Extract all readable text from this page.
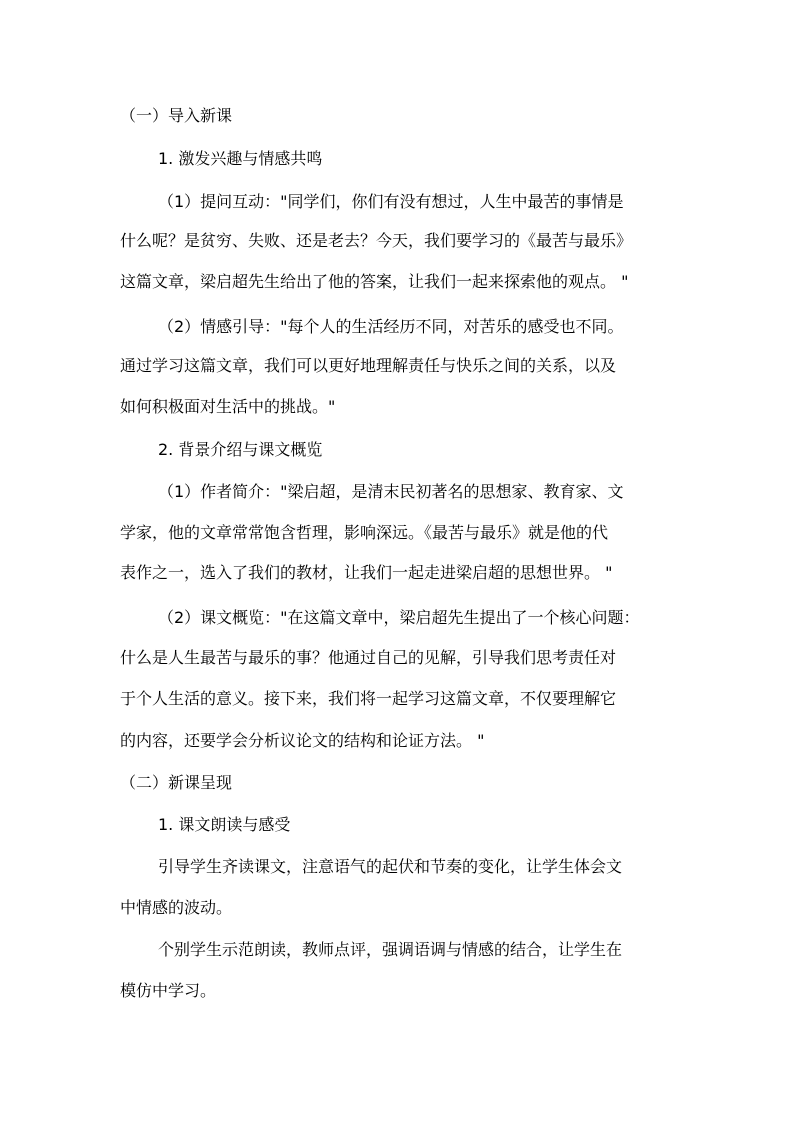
（一）导入新课
1. 激发兴趣与情感共鸣
（1）提问互动："同学们，你们有没有想过，人生中最苦的事情是
什么呢？是贫穷、失败、还是老去？今天，我们要学习的《最苦与最乐》
这篇文章，梁启超先生给出了他的答案，让我们一起来探索他的观点。 "
（2）情感引导："每个人的生活经历不同，对苦乐的感受也不同。
通过学习这篇文章，我们可以更好地理解责任与快乐之间的关系，以及
如何积极面对生活中的挑战。"
2. 背景介绍与课文概览
（1）作者简介："梁启超，是清末民初著名的思想家、教育家、文
学家，他的文章常常饱含哲理，影响深远。《最苦与最乐》就是他的代
表作之一，选入了我们的教材，让我们一起走进梁启超的思想世界。 "
（2）课文概览："在这篇文章中，梁启超先生提出了一个核心问题：
什么是人生最苦与最乐的事？他通过自己的见解，引导我们思考责任对
于个人生活的意义。接下来，我们将一起学习这篇文章，不仅要理解它
的内容，还要学会分析议论文的结构和论证方法。 "
（二）新课呈现
1. 课文朗读与感受
引导学生齐读课文，注意语气的起伏和节奏的变化，让学生体会文
中情感的波动。
个别学生示范朗读，教师点评，强调语调与情感的结合，让学生在
模仿中学习。
